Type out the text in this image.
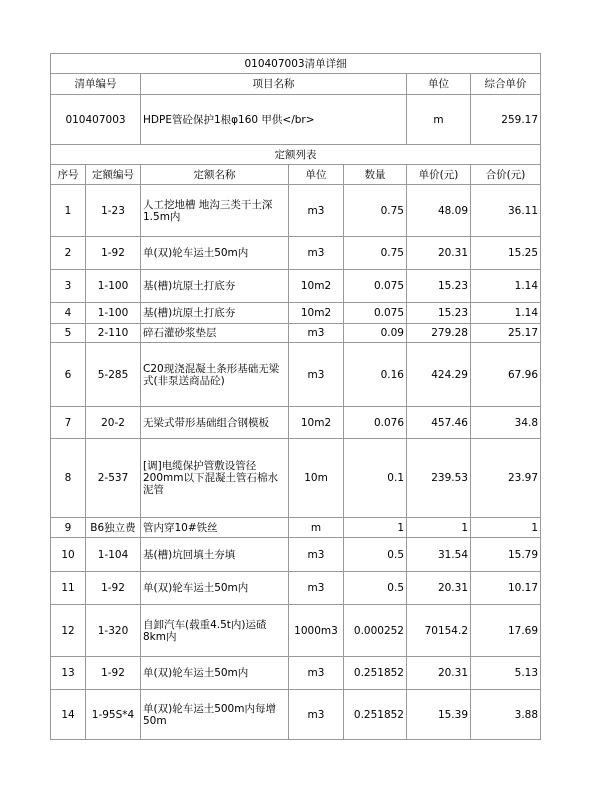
010407003清单详细						
清单编号		项目名称			单位	综合单价
010407003		HDPE管砼保护1根φ160 甲供</br>			m	259.17
定额列表						
序号	定额编号	定额名称	单位	数量	单价(元)	合价(元)
1	1-23	人工挖地槽 地沟三类干土深1.5m内	m3	0.75	48.09	36.11
2	1-92	单(双)轮车运土50m内	m3	0.75	20.31	15.25
3	1-100	基(槽)坑原土打底夯	10m2	0.075	15.23	1.14
4	1-100	基(槽)坑原土打底夯	10m2	0.075	15.23	1.14
5	2-110	碎石灌砂浆垫层	m3	0.09	279.28	25.17
6	5-285	C20现浇混凝土条形基础无梁式(非泵送商品砼)	m3	0.16	424.29	67.96
7	20-2	无梁式带形基础组合钢模板	10m2	0.076	457.46	34.8
8	2-537	[调]电缆保护管敷设管径200mm以下混凝土管石棉水泥管	10m	0.1	239.53	23.97
9	B6独立费	管内穿10#铁丝	m	1	1	1
10	1-104	基(槽)坑回填土夯填	m3	0.5	31.54	15.79
11	1-92	单(双)轮车运土50m内	m3	0.5	20.31	10.17
12	1-320	自卸汽车(载重4.5t内)运碴8km内	1000m3	0.000252	70154.2	17.69
13	1-92	单(双)轮车运土50m内	m3	0.251852	20.31	5.13
14	1-95S*4	单(双)轮车运土500m内每增50m	m3	0.251852	15.39	3.88
